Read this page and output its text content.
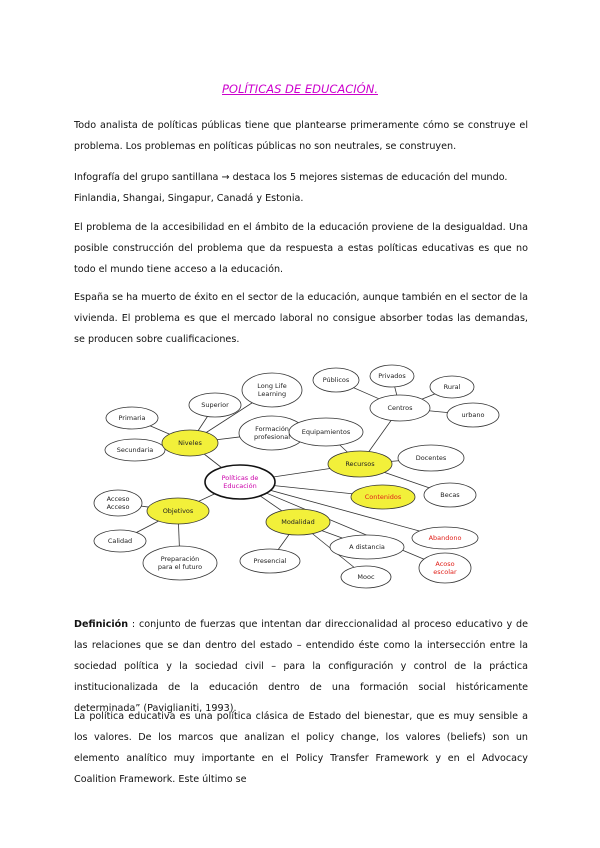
POLÍTICAS DE EDUCACIÓN.

Todo analista de políticas públicas tiene que plantearse primeramente cómo se construye el problema. Los problemas en políticas públicas no son neutrales, se construyen.

Infografía del grupo santillana → destaca los 5 mejores sistemas de educación del mundo. Finlandia, Shangai, Singapur, Canadá y Estonia.

El problema de la accesibilidad en el ámbito de la educación proviene de la desigualdad. Una posible construcción del problema que da respuesta a estas políticas educativas es que no todo el mundo tiene acceso a la educación.

España se ha muerto de éxito en el sector de la educación, aunque también en el sector de la vivienda. El problema es que el mercado laboral no consigue absorber todas las demandas, se producen sobre cualificaciones.

Políticas de
Educación
Niveles
Primaria
Secundaria
Superior
Long Life
Learning
Formación
profesional
Recursos
Públicos	Privados
Centros
Rural
urbano
Equipamientos
Docentes
Becas
Contenidos
Objetivos
Acceso
Acceso
Calidad
Preparación
para el futuro
Modalidad
Presencial
A distancia
Mooc
Abandono
Acoso
escolar

Definición : conjunto de fuerzas que intentan dar direccionalidad al proceso educativo y de las relaciones que se dan dentro del estado – entendido éste como la intersección entre la sociedad política y la sociedad civil – para la configuración y control de la práctica institucionalizada de la educación dentro de una formación social históricamente determinada” (Paviglianiti, 1993).

La política educativa es una política clásica de Estado del bienestar, que es muy sensible a los valores. De los marcos que analizan el policy change, los valores (beliefs) son un elemento analítico muy importante en el Policy Transfer Framework y en el Advocacy Coalition Framework. Este último se
